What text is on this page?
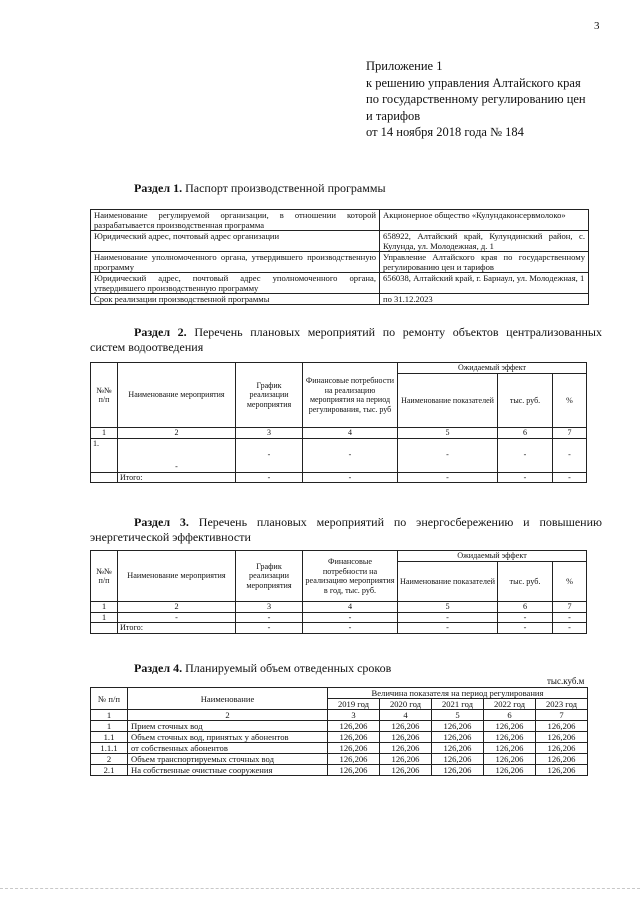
3
Приложение 1
к решению управления Алтайского края
по государственному регулированию цен
и тарифов
от 14 ноября 2018 года № 184
Раздел 1. Паспорт производственной программы
Наименование регулируемой организации, в отношении которой разрабатывается производственная программа	Акционерное общество «Кулундаконсервмолоко»
Юридический адрес, почтовый адрес организации	658922, Алтайский край, Кулундинский район, с. Кулунда, ул. Молодежная, д. 1
Наименование уполномоченного органа, утвердившего производственную программу	Управление Алтайского края по государственному регулированию цен и тарифов
Юридический адрес, почтовый адрес уполномоченного органа, утвердившего производственную программу	656038, Алтайский край, г. Барнаул, ул. Молодежная, 1
Срок реализации производственной программы	по 31.12.2023
Раздел 2. Перечень плановых мероприятий по ремонту объектов централизованных систем водоотведения
№№ п/п	Наименование мероприятия	График реализации мероприятия	Финансовые потребности на реализацию мероприятия на период регулирования, тыс. руб	Ожидаемый эффект		
				Наименование показателей	тыс. руб.	%
1	2	3	4	5	6	7
1.	-	-	-	-	-	-
	Итого:	-	-	-	-	-
Раздел 3. Перечень плановых мероприятий по энергосбережению и повышению энергетической эффективности
№№ п/п	Наименование мероприятия	График реализации мероприятия	Финансовые потребности на реализацию мероприятия в год, тыс. руб.	Ожидаемый эффект		
				Наименование показателей	тыс. руб.	%
1	2	3	4	5	6	7
1	-	-	-	-	-	-
	Итого:	-	-	-	-	-
Раздел 4. Планируемый объем отведенных сроков
тыс.куб.м
№ п/п	Наименование	Величина показателя на период регулирования				
		2019 год	2020 год	2021 год	2022 год	2023 год
1	2	3	4	5	6	7
1	Прием сточных вод	126,206	126,206	126,206	126,206	126,206
1.1	Объем сточных вод, принятых у абонентов	126,206	126,206	126,206	126,206	126,206
1.1.1	от собственных абонентов	126,206	126,206	126,206	126,206	126,206
2	Объем транспортируемых сточных вод	126,206	126,206	126,206	126,206	126,206
2.1	На собственные очистные сооружения	126,206	126,206	126,206	126,206	126,206
